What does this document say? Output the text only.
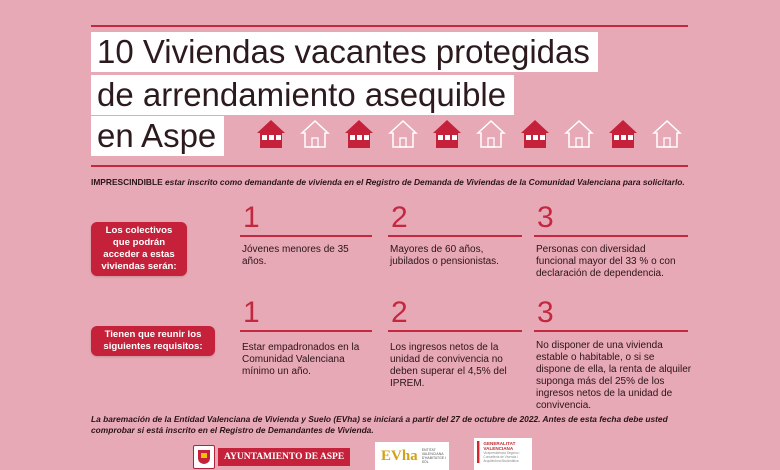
10 Viviendas vacantes protegidas
de arrendamiento asequible
en Aspe
IMPRESCINDIBLE estar inscrito como demandante de vivienda en el Registro de Demanda de Viviendas de la Comunidad Valenciana para solicitarlo.
Los colectivos que podrán acceder a estas viviendas serán:
1
Jóvenes menores de 35 años.
2
Mayores de 60 años, jubilados o pensionistas.
3
Personas con diversidad funcional mayor del 33 % o con declaración de dependencia.
Tienen que reunir los siguientes requisitos:
1
Estar empadronados en la Comunidad Valenciana mínimo un año.
2
Los ingresos netos de la unidad de convivencia no deben superar el 4,5% del IPREM.
3
No disponer de una vivienda estable o habitable, o si se dispone de ella, la renta de alquiler suponga más del 25% de los ingresos netos de la unidad de convivencia.
La baremación de la Entidad Valenciana de Vivienda y Suelo (EVha) se iniciará a partir del 27 de octubre de 2022. Antes de esta fecha debe usted comprobar si está inscrito en el Registro de Demandantes de Vivienda.
AYUNTAMIENTO DE ASPE	EVha ENTITAT VALENCIANA D'HABITATGE I SÒL
GENERALITAT VALENCIANA
Vicepresidència Segona i Conselleria de Vivenda i Arquitectura Bioclimàtica
